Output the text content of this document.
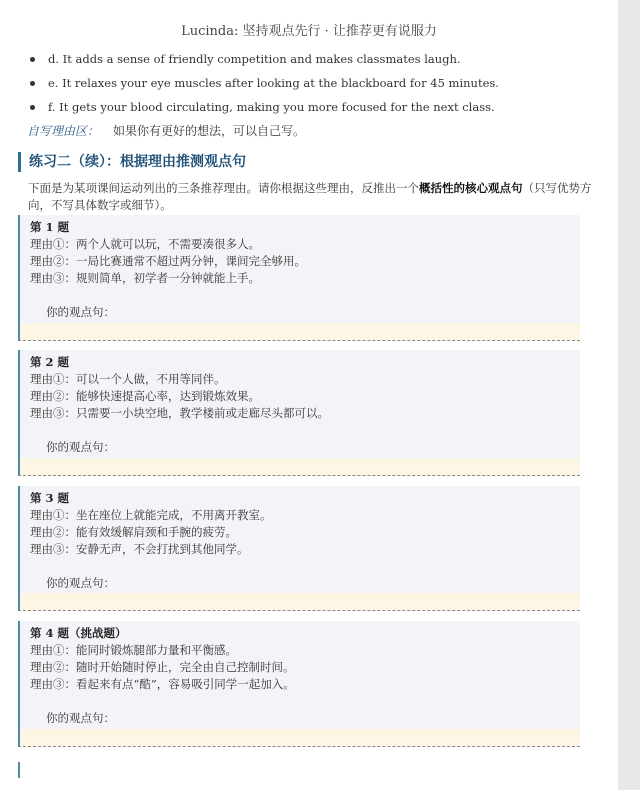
Lucinda: 坚持观点先行 · 让推荐更有说服力
d. It adds a sense of friendly competition and makes classmates laugh.
e. It relaxes your eye muscles after looking at the blackboard for 45 minutes.
f. It gets your blood circulating, making you more focused for the next class.
自写理由区： 如果你有更好的想法，可以自己写。
练习二（续）：根据理由推测观点句
下面是为某项课间运动列出的三条推荐理由。请你根据这些理由，反推出一个概括性的核心观点句（只写优势方向，不写具体数字或细节）。
第 1 题
理由①：两个人就可以玩，不需要凑很多人。
理由②：一局比赛通常不超过两分钟，课间完全够用。
理由③：规则简单，初学者一分钟就能上手。
你的观点句：
第 2 题
理由①：可以一个人做，不用等同伴。
理由②：能够快速提高心率，达到锻炼效果。
理由③：只需要一小块空地，教学楼前或走廊尽头都可以。
你的观点句：
第 3 题
理由①：坐在座位上就能完成，不用离开教室。
理由②：能有效缓解肩颈和手腕的疲劳。
理由③：安静无声，不会打扰到其他同学。
你的观点句：
第 4 题（挑战题）
理由①：能同时锻炼腿部力量和平衡感。
理由②：随时开始随时停止，完全由自己控制时间。
理由③：看起来有点“酷”，容易吸引同学一起加入。
你的观点句：
